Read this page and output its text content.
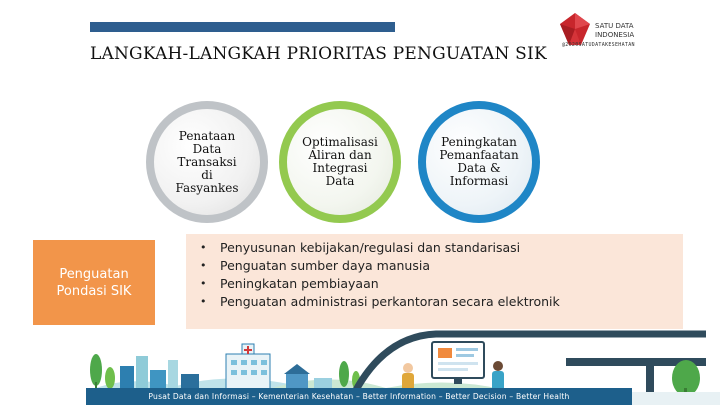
LANGKAH-LANGKAH PRIORITAS PENGUATAN SIK
SATU DATA
INDONESIA
@2020SATUDATAKESEHATAN
Penataan Data Transaksi di Fasyankes
Optimalisasi Aliran dan Integrasi Data
Peningkatan Pemanfaatan Data & Informasi
Penguatan Pondasi SIK
• Penyusunan kebijakan/regulasi dan standarisasi
• Penguatan sumber daya manusia
• Peningkatan pembiayaan
• Penguatan administrasi perkantoran secara elektronik
Pusat Data dan Informasi – Kementerian Kesehatan – Better Information – Better Decision – Better Health
